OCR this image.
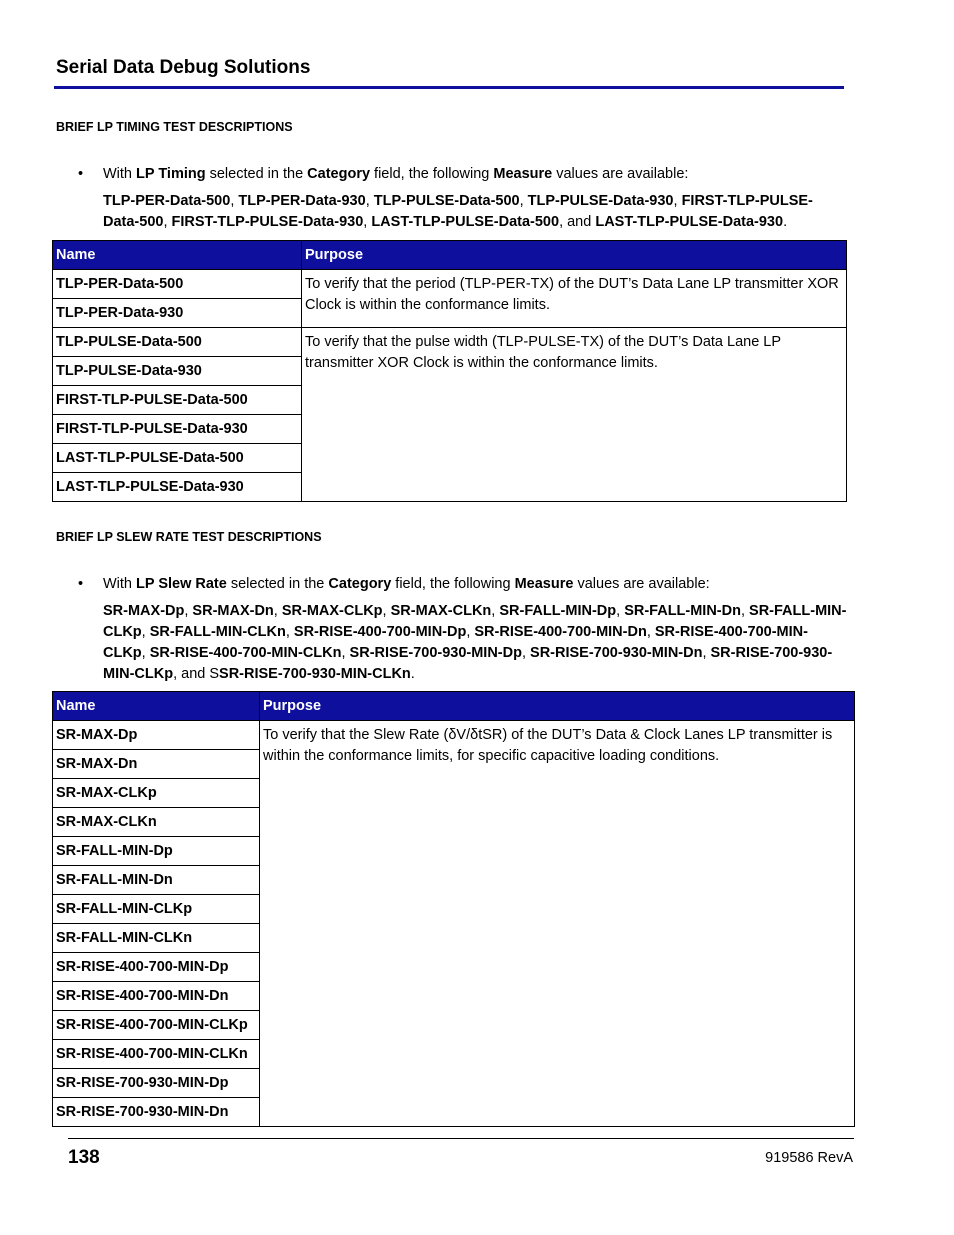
Serial Data Debug Solutions
BRIEF LP TIMING TEST DESCRIPTIONS
• With LP Timing selected in the Category field, the following Measure values are available:
TLP-PER-Data-500, TLP-PER-Data-930, TLP-PULSE-Data-500, TLP-PULSE-Data-930, FIRST-TLP-PULSE-Data-500, FIRST-TLP-PULSE-Data-930, LAST-TLP-PULSE-Data-500, and LAST-TLP-PULSE-Data-930.
Name	Purpose
TLP-PER-Data-500	To verify that the period (TLP-PER-TX) of the DUT’s Data Lane LP transmitter XOR Clock is within the conformance limits.
TLP-PER-Data-930	
TLP-PULSE-Data-500	To verify that the pulse width (TLP-PULSE-TX) of the DUT’s Data Lane LP transmitter XOR Clock is within the conformance limits.
TLP-PULSE-Data-930	
FIRST-TLP-PULSE-Data-500	
FIRST-TLP-PULSE-Data-930	
LAST-TLP-PULSE-Data-500	
LAST-TLP-PULSE-Data-930	
BRIEF LP SLEW RATE TEST DESCRIPTIONS
• With LP Slew Rate selected in the Category field, the following Measure values are available:
SR-MAX-Dp, SR-MAX-Dn, SR-MAX-CLKp, SR-MAX-CLKn, SR-FALL-MIN-Dp, SR-FALL-MIN-Dn, SR-FALL-MIN-CLKp, SR-FALL-MIN-CLKn, SR-RISE-400-700-MIN-Dp, SR-RISE-400-700-MIN-Dn, SR-RISE-400-700-MIN-CLKp, SR-RISE-400-700-MIN-CLKn, SR-RISE-700-930-MIN-Dp, SR-RISE-700-930-MIN-Dn, SR-RISE-700-930-MIN-CLKp, and SSR-RISE-700-930-MIN-CLKn.
Name	Purpose
SR-MAX-Dp	To verify that the Slew Rate (δV/δtSR) of the DUT’s Data & Clock Lanes LP transmitter is within the conformance limits, for specific capacitive loading conditions.
SR-MAX-Dn	
SR-MAX-CLKp	
SR-MAX-CLKn	
SR-FALL-MIN-Dp	
SR-FALL-MIN-Dn	
SR-FALL-MIN-CLKp	
SR-FALL-MIN-CLKn	
SR-RISE-400-700-MIN-Dp	
SR-RISE-400-700-MIN-Dn	
SR-RISE-400-700-MIN-CLKp	
SR-RISE-400-700-MIN-CLKn	
SR-RISE-700-930-MIN-Dp	
SR-RISE-700-930-MIN-Dn	
138	919586 RevA
